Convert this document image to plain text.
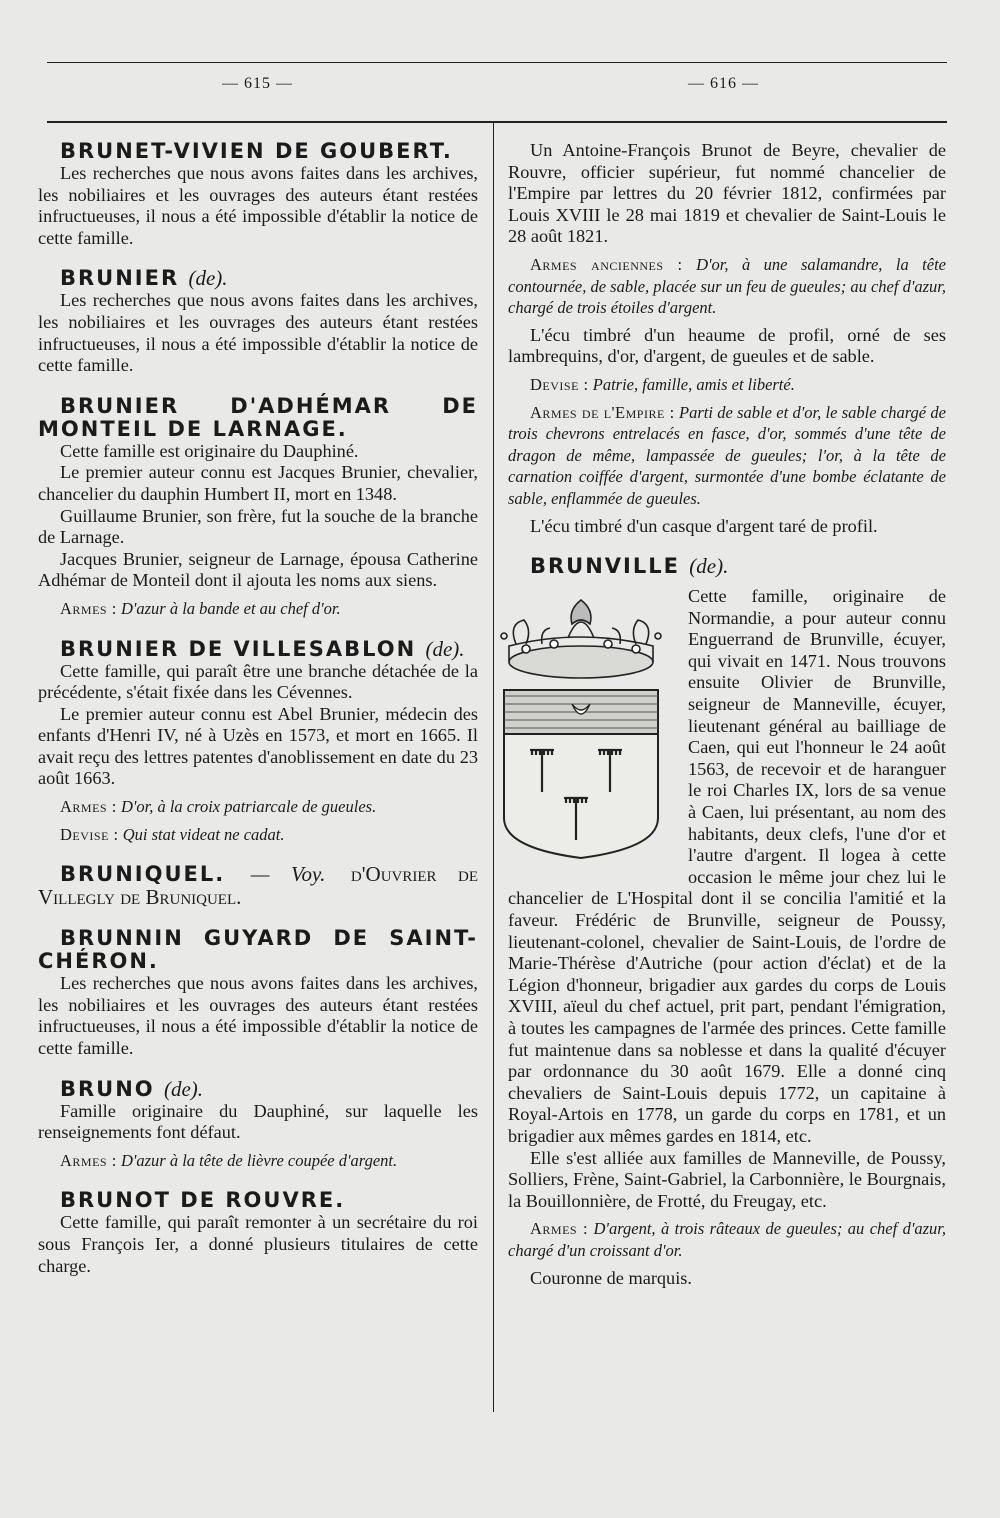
— 615 —	— 616 —

BRUNET-VIVIEN DE GOUBERT.

Les recherches que nous avons faites dans les archives, les nobiliaires et les ouvrages des auteurs étant restées infructueuses, il nous a été impossible d'établir la notice de cette famille.

BRUNIER (de).

Les recherches que nous avons faites dans les archives, les nobiliaires et les ouvrages des auteurs étant restées infructueuses, il nous a été impossible d'établir la notice de cette famille.

BRUNIER D'ADHÉMAR DE MONTEIL DE LARNAGE.

Cette famille est originaire du Dauphiné.

Le premier auteur connu est Jacques Brunier, chevalier, chancelier du dauphin Humbert II, mort en 1348.

Guillaume Brunier, son frère, fut la souche de la branche de Larnage.

Jacques Brunier, seigneur de Larnage, épousa Catherine Adhémar de Monteil dont il ajouta les noms aux siens.

Armes : D'azur à la bande et au chef d'or.

BRUNIER DE VILLESABLON (de).

Cette famille, qui paraît être une branche détachée de la précédente, s'était fixée dans les Cévennes.

Le premier auteur connu est Abel Brunier, médecin des enfants d'Henri IV, né à Uzès en 1573, et mort en 1665. Il avait reçu des lettres patentes d'anoblissement en date du 23 août 1663.

Armes : D'or, à la croix patriarcale de gueules.

Devise : Qui stat videat ne cadat.

BRUNIQUEL. — Voy. d'Ouvrier de Villegly de Bruniquel.

BRUNNIN GUYARD DE SAINT-CHÉRON.

Les recherches que nous avons faites dans les archives, les nobiliaires et les ouvrages des auteurs étant restées infructueuses, il nous a été impossible d'établir la notice de cette famille.

BRUNO (de).

Famille originaire du Dauphiné, sur laquelle les renseignements font défaut.

Armes : D'azur à la tête de lièvre coupée d'argent.

BRUNOT DE ROUVRE.

Cette famille, qui paraît remonter à un secrétaire du roi sous François Ier, a donné plusieurs titulaires de cette charge.

Un Antoine-François Brunot de Beyre, chevalier de Rouvre, officier supérieur, fut nommé chancelier de l'Empire par lettres du 20 février 1812, confirmées par Louis XVIII le 28 mai 1819 et chevalier de Saint-Louis le 28 août 1821.

Armes anciennes : D'or, à une salamandre, la tête contournée, de sable, placée sur un feu de gueules; au chef d'azur, chargé de trois étoiles d'argent.

L'écu timbré d'un heaume de profil, orné de ses lambrequins, d'or, d'argent, de gueules et de sable.

Devise : Patrie, famille, amis et liberté.

Armes de l'Empire : Parti de sable et d'or, le sable chargé de trois chevrons entrelacés en fasce, d'or, sommés d'une tête de dragon de même, lampassée de gueules; l'or, à la tête de carnation coiffée d'argent, surmontée d'une bombe éclatante de sable, enflammée de gueules.

L'écu timbré d'un casque d'argent taré de profil.

BRUNVILLE (de).

Cette famille, originaire de Normandie, a pour auteur connu Enguerrand de Brunville, écuyer, qui vivait en 1471. Nous trouvons ensuite Olivier de Brunville, seigneur de Manneville, écuyer, lieutenant général au bailliage de Caen, qui eut l'honneur le 24 août 1563, de recevoir et de haranguer le roi Charles IX, lors de sa venue à Caen, lui présentant, au nom des habitants, deux clefs, l'une d'or et l'autre d'argent. Il logea à cette occasion le même jour chez lui le chancelier de L'Hospital dont il se concilia l'amitié et la faveur. Frédéric de Brunville, seigneur de Poussy, lieutenant-colonel, chevalier de Saint-Louis, de l'ordre de Marie-Thérèse d'Autriche (pour action d'éclat) et de la Légion d'honneur, brigadier aux gardes du corps de Louis XVIII, aïeul du chef actuel, prit part, pendant l'émigration, à toutes les campagnes de l'armée des princes. Cette famille fut maintenue dans sa noblesse et dans la qualité d'écuyer par ordonnance du 30 août 1679. Elle a donné cinq chevaliers de Saint-Louis depuis 1772, un capitaine à Royal-Artois en 1778, un garde du corps en 1781, et un brigadier aux mêmes gardes en 1814, etc.

Elle s'est alliée aux familles de Manneville, de Poussy, Solliers, Frène, Saint-Gabriel, la Carbonnière, le Bourgnais, la Bouillonnière, de Frotté, du Freugay, etc.

Armes : D'argent, à trois râteaux de gueules; au chef d'azur, chargé d'un croissant d'or.

Couronne de marquis.
